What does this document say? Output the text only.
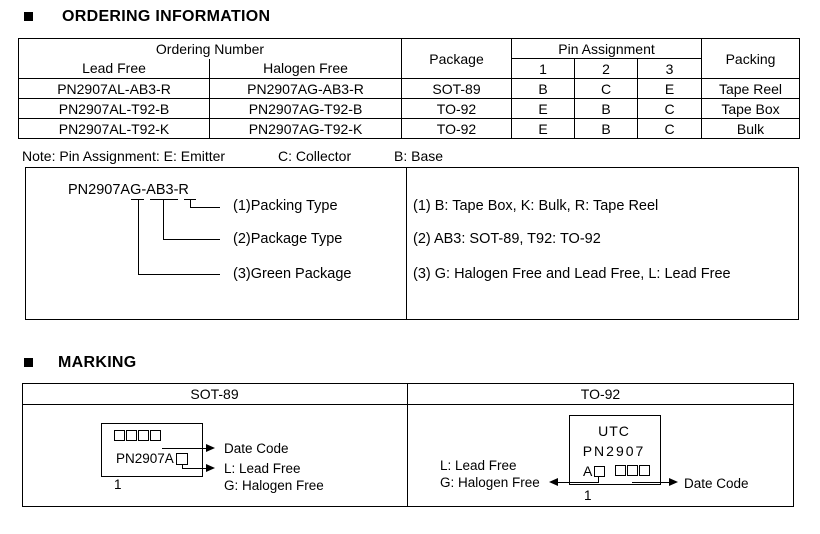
ORDERING INFORMATION
Ordering Number		Package	Pin Assignment			Packing
Lead Free	Halogen Free		1	2	3	
PN2907AL-AB3-R	PN2907AG-AB3-R	SOT-89	B	C	E	Tape Reel
PN2907AL-T92-B	PN2907AG-T92-B	TO-92	E	B	C	Tape Box
PN2907AL-T92-K	PN2907AG-T92-K	TO-92	E	B	C	Bulk
Note: Pin Assignment: E: Emitter	C: Collector	B: Base
PN2907AG-AB3-R
(1)Packing Type
(2)Package Type
(3)Green Package
(1) B: Tape Box, K: Bulk, R: Tape Reel
(2) AB3: SOT-89, T92: TO-92
(3) G: Halogen Free and Lead Free, L: Lead Free
MARKING
SOT-89	TO-92
Date Code
PN2907A
L: Lead Free
G: Halogen Free
1
UTC
PN2907
A
L: Lead Free
G: Halogen Free	Date Code
1
